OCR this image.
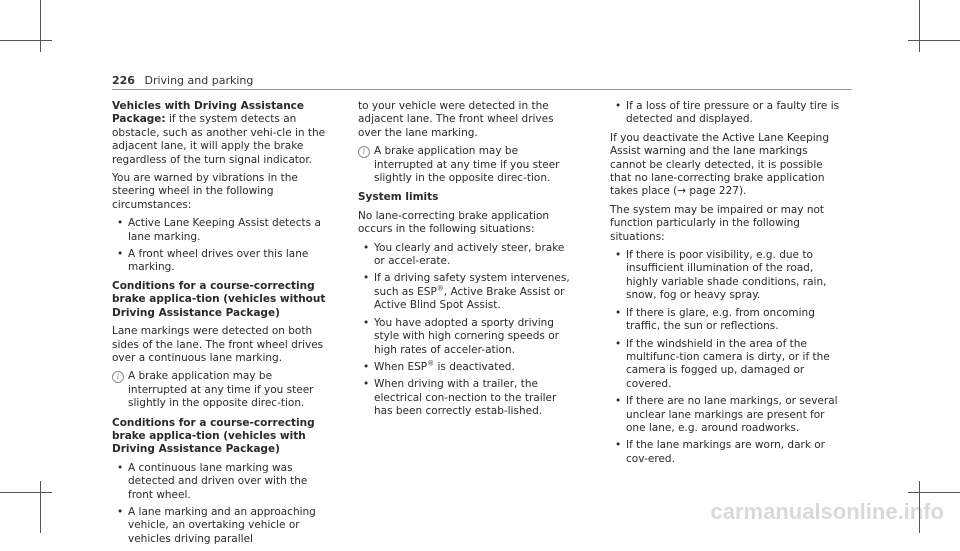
226 Driving and parking

Vehicles with Driving Assistance Package: if the system detects an obstacle, such as another vehi-cle in the adjacent lane, it will apply the brake regardless of the turn signal indicator.

You are warned by vibrations in the steering wheel in the following circumstances:

• Active Lane Keeping Assist detects a lane marking.
• A front wheel drives over this lane marking.

Conditions for a course-correcting brake applica-tion (vehicles without Driving Assistance Package)

Lane markings were detected on both sides of the lane. The front wheel drives over a continuous lane marking.

i A brake application may be interrupted at any time if you steer slightly in the opposite direc-tion.

Conditions for a course-correcting brake applica-tion (vehicles with Driving Assistance Package)

• A continuous lane marking was detected and driven over with the front wheel.
• A lane marking and an approaching vehicle, an overtaking vehicle or vehicles driving parallel

to your vehicle were detected in the adjacent lane. The front wheel drives over the lane marking.

i A brake application may be interrupted at any time if you steer slightly in the opposite direc-tion.

System limits

No lane-correcting brake application occurs in the following situations:

• You clearly and actively steer, brake or accel-erate.
• If a driving safety system intervenes, such as ESP®, Active Brake Assist or Active Blind Spot Assist.
• You have adopted a sporty driving style with high cornering speeds or high rates of acceler-ation.
• When ESP® is deactivated.
• When driving with a trailer, the electrical con-nection to the trailer has been correctly estab-lished.
• If a loss of tire pressure or a faulty tire is detected and displayed.

If you deactivate the Active Lane Keeping Assist warning and the lane markings cannot be clearly detected, it is possible that no lane-correcting brake application takes place (→ page 227).

The system may be impaired or may not function particularly in the following situations:

• If there is poor visibility, e.g. due to insufficient illumination of the road, highly variable shade conditions, rain, snow, fog or heavy spray.
• If there is glare, e.g. from oncoming traffic, the sun or reflections.
• If the windshield in the area of the multifunc-tion camera is dirty, or if the camera is fogged up, damaged or covered.
• If there are no lane markings, or several unclear lane markings are present for one lane, e.g. around roadworks.
• If the lane markings are worn, dark or cov-ered.
carmanualsonline.info
